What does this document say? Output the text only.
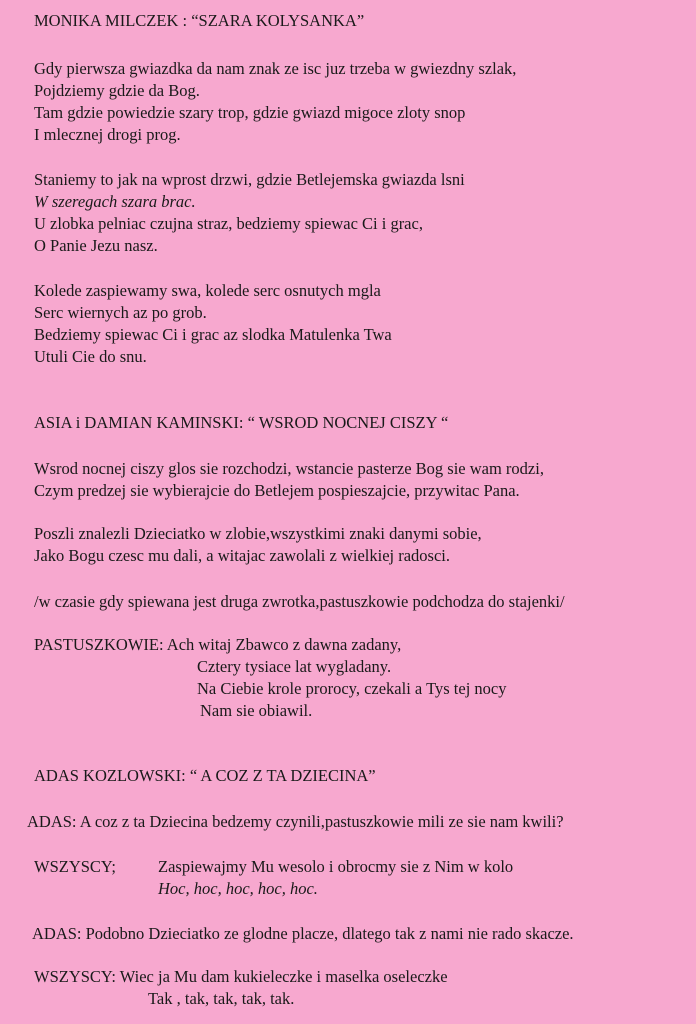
MONIKA MILCZEK : “SZARA KOLYSANKA”
Gdy pierwsza gwiazdka da nam znak ze isc juz trzeba w gwiezdny szlak,
Pojdziemy gdzie da Bog.
Tam gdzie powiedzie szary trop, gdzie gwiazd migoce zloty snop
I mlecznej drogi prog.
Staniemy to jak na wprost drzwi, gdzie Betlejemska gwiazda lsni
W szeregach szara brac.
U zlobka pelniac czujna straz, bedziemy spiewac Ci i grac,
O Panie Jezu nasz.
Kolede zaspiewamy swa, kolede serc osnutych mgla
Serc wiernych az po grob.
Bedziemy spiewac Ci i grac az slodka Matulenka Twa
Utuli Cie do snu.
ASIA i DAMIAN KAMINSKI: “ WSROD NOCNEJ CISZY “
Wsrod nocnej ciszy glos sie rozchodzi, wstancie pasterze Bog sie wam rodzi,
Czym predzej sie wybierajcie do Betlejem pospieszajcie, przywitac Pana.
Poszli znalezli Dzieciatko w zlobie,wszystkimi znaki danymi sobie,
Jako Bogu czesc mu dali, a witajac zawolali z wielkiej radosci.
/w czasie gdy spiewana jest druga zwrotka,pastuszkowie podchodza do stajenki/
PASTUSZKOWIE: Ach witaj Zbawco z dawna zadany,
Cztery tysiace lat wygladany.
Na Ciebie krole prorocy, czekali a Tys tej nocy
Nam sie obiawil.
ADAS KOZLOWSKI: “ A COZ Z TA DZIECINA”
ADAS: A coz z ta Dziecina bedzemy czynili,pastuszkowie mili ze sie nam kwili?
WSZYSCY;	Zaspiewajmy Mu wesolo i obrocmy sie z Nim w kolo
Hoc, hoc, hoc, hoc, hoc.
ADAS: Podobno Dzieciatko ze glodne placze, dlatego tak z nami nie rado skacze.
WSZYSCY: Wiec ja Mu dam kukieleczke i maselka oseleczke
Tak , tak, tak, tak, tak.
